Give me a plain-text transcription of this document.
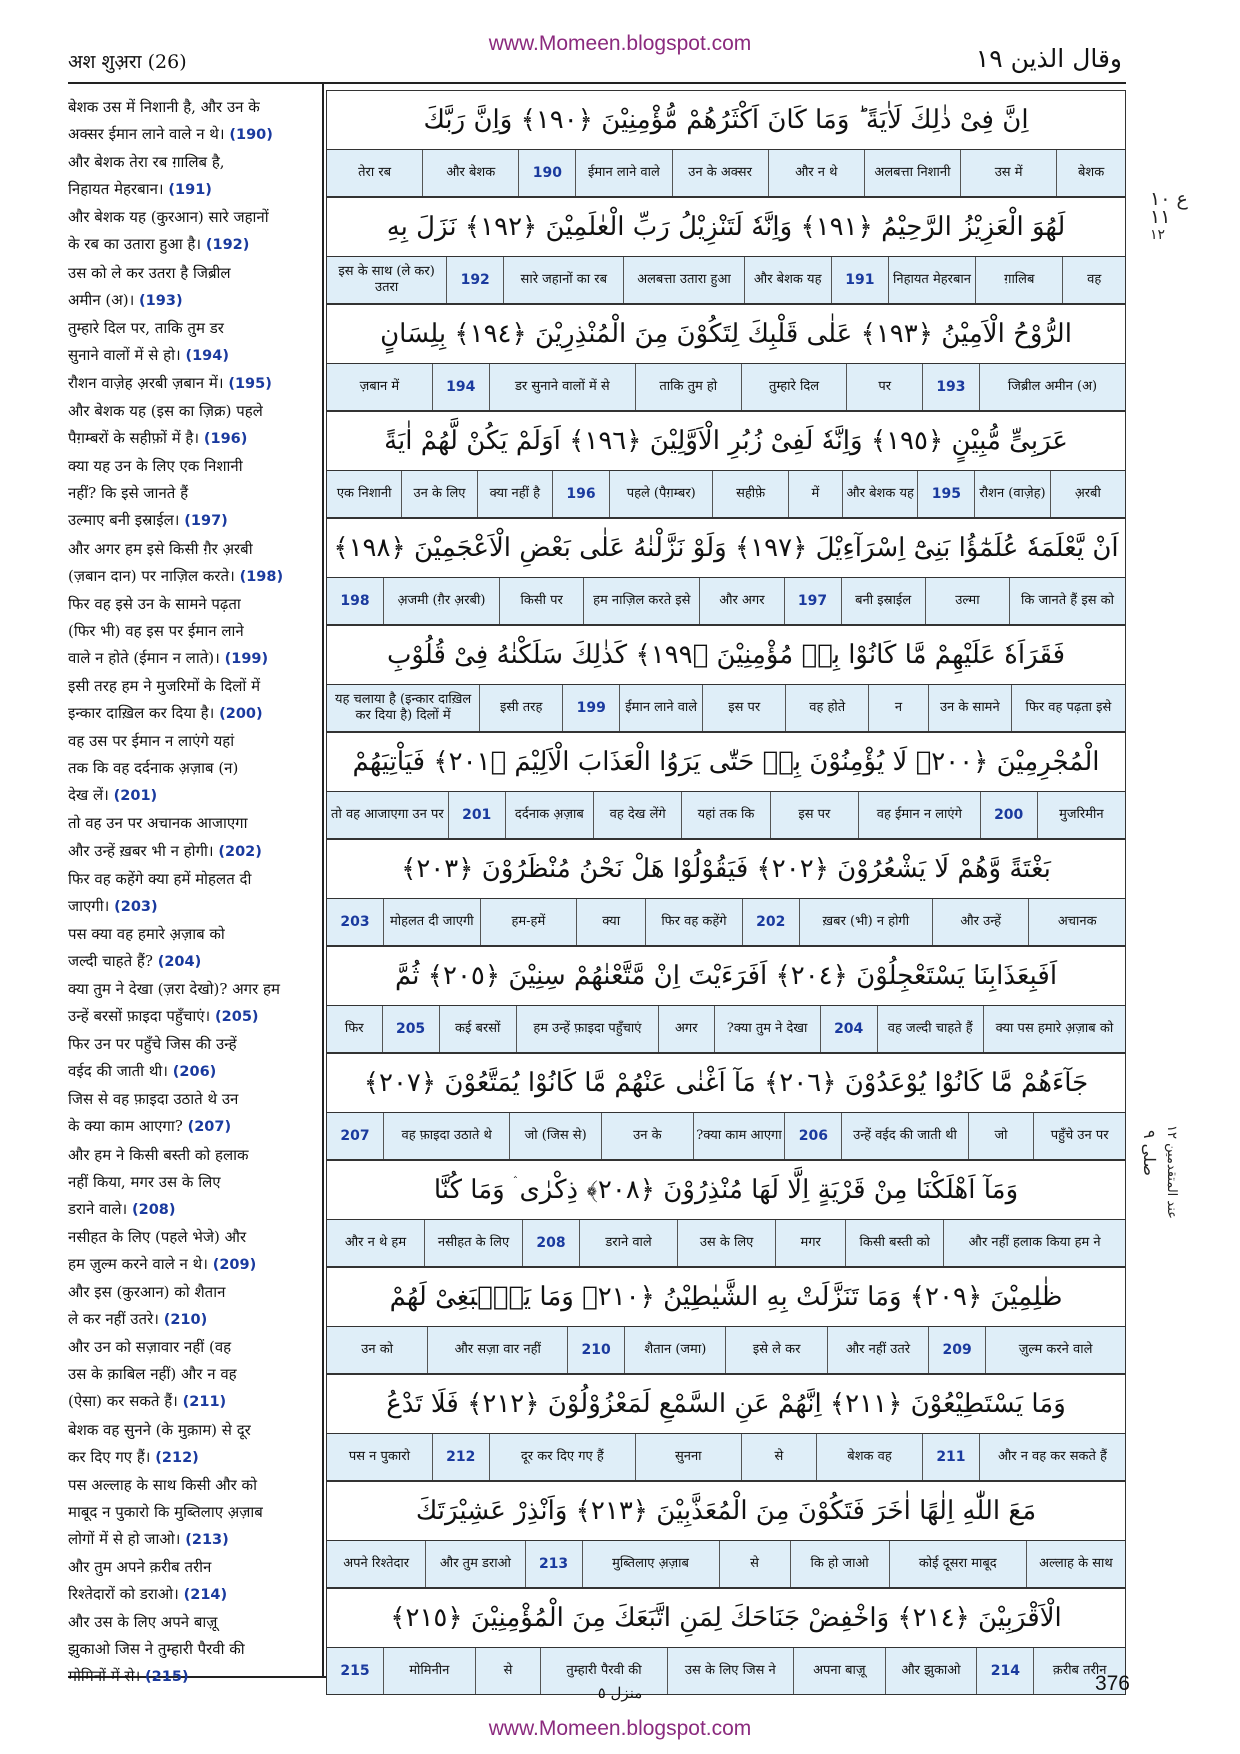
www.Momeen.blogspot.com
अश शुअ़रा (26)	وقال الذین ١٩
बेशक उस में निशानी है, और उन के
अक्सर ईमान लाने वाले न थे। (190)
और बेशक तेरा रब ग़ालिब है,
निहायत मेहरबान। (191)
और बेशक यह (कुरआन) सारे जहानों
के रब का उतारा हुआ है। (192)
उस को ले कर उतरा है जिब्रील
अमीन (अ)। (193)
तुम्हारे दिल पर, ताकि तुम डर
सुनाने वालों में से हो। (194)
रौशन वाज़ेह अ़रबी ज़बान में। (195)
और बेशक यह (इस का ज़िक्र) पहले
पैग़म्बरों के सहीफ़ों में है। (196)
क्या यह उन के लिए एक निशानी
नहीं? कि इसे जानते हैं
उल्माए बनी इस्राईल। (197)
और अगर हम इसे किसी ग़ैर अ़रबी
(ज़बान दान) पर नाज़िल करते। (198)
फिर वह इसे उन के सामने पढ़ता
(फिर भी) वह इस पर ईमान लाने
वाले न होते (ईमान न लाते)। (199)
इसी तरह हम ने मुजरिमों के दिलों में
इन्कार दाख़िल कर दिया है। (200)
वह उस पर ईमान न लाएंगे यहां
तक कि वह दर्दनाक अ़ज़ाब (न)
देख लें। (201)
तो वह उन पर अचानक आजाएगा
और उन्हें ख़बर भी न होगी। (202)
फिर वह कहेंगे क्या हमें मोहलत दी
जाएगी। (203)
पस क्या वह हमारे अ़ज़ाब को
जल्दी चाहते हैं? (204)
क्या तुम ने देखा (ज़रा देखो)? अगर हम
उन्हें बरसों फ़ाइदा पहुँचाएं। (205)
फिर उन पर पहुँचे जिस की उन्हें
वईद की जाती थी। (206)
जिस से वह फ़ाइदा उठाते थे उन
के क्या काम आएगा? (207)
और हम ने किसी बस्ती को हलाक
नहीं किया, मगर उस के लिए
डराने वाले। (208)
नसीहत के लिए (पहले भेजे) और
हम ज़ुल्म करने वाले न थे। (209)
और इस (कुरआन) को शैतान
ले कर नहीं उतरे। (210)
और उन को सज़ावार नहीं (वह
उस के क़ाबिल नहीं) और न वह
(ऐसा) कर सकते हैं। (211)
बेशक वह सुनने (के मुक़ाम) से दूर
कर दिए गए हैं। (212)
पस अल्लाह के साथ किसी और को
माबूद न पुकारो कि मुब्तिलाए अ़ज़ाब
लोगों में से हो जाओ। (213)
और तुम अपने क़रीब तरीन
रिश्तेदारों को डराओ। (214)
और उस के लिए अपने बाज़ू
झुकाओ जिस ने तुम्हारी पैरवी की
मोमिनों में से। (215)
اِنَّ فِیْ ذٰلِكَ لَاٰیَةً ؕ وَمَا كَانَ اَكْثَرُهُمْ مُّؤْمِنِیْنَ ﴿١٩٠﴾ وَاِنَّ رَبَّكَ
बेशक
उस में
अलबत्ता निशानी
और न थे
उन के अक्सर
ईमान लाने वाले
190
और बेशक
तेरा रब
لَهُوَ الْعَزِیْزُ الرَّحِیْمُ ﴿١٩١﴾ وَاِنَّهٗ لَتَنْزِیْلُ رَبِّ الْعٰلَمِیْنَ ﴿١٩٢﴾ نَزَلَ بِهِ
वह
ग़ालिब
निहायत मेहरबान
191
और बेशक यह
अलबत्ता उतारा हुआ
सारे जहानों का रब
192
इस के साथ (ले कर) उतरा
الرُّوْحُ الْاَمِیْنُ ﴿١٩٣﴾ عَلٰی قَلْبِكَ لِتَكُوْنَ مِنَ الْمُنْذِرِیْنَ ﴿١٩٤﴾ بِلِسَانٍ
जिब्रील अमीन (अ)
193
पर
तुम्हारे दिल
ताकि तुम हो
डर सुनाने वालों में से
194
ज़बान में
عَرَبِیٍّ مُّبِیْنٍ ﴿١٩٥﴾ وَاِنَّهٗ لَفِیْ زُبُرِ الْاَوَّلِیْنَ ﴿١٩٦﴾ اَوَلَمْ یَكُنْ لَّهُمْ اٰیَةً
अ़रबी
रौशन (वाज़ेह)
195
और बेशक यह
में
सहीफ़े
पहले (पैग़म्बर)
196
क्या नहीं है
उन के लिए
एक निशानी
اَنْ یَّعْلَمَهٗ عُلَمٰٓؤُا بَنِیْٓ اِسْرَآءِیْلَ ﴿١٩٧﴾ وَلَوْ نَزَّلْنٰهُ عَلٰی بَعْضِ الْاَعْجَمِیْنَ ﴿١٩٨﴾
कि जानते हैं इस को
उल्मा
बनी इस्राईल
197
और अगर
हम नाज़िल करते इसे
किसी पर
अ़जमी (ग़ैर अ़रबी)
198
فَقَرَاَهٗ عَلَیْهِمْ مَّا كَانُوْا بِهٖ مُؤْمِنِیْنَ ﴿١٩٩﴾ كَذٰلِكَ سَلَكْنٰهُ فِیْ قُلُوْبِ
फिर वह पढ़ता इसे
उन के सामने
न
वह होते
इस पर
ईमान लाने वाले
199
इसी तरह
यह चलाया है (इन्कार दाख़िल कर दिया है) दिलों में
الْمُجْرِمِیْنَ ﴿٢٠٠﴾ لَا یُؤْمِنُوْنَ بِهٖ حَتّٰی یَرَوُا الْعَذَابَ الْاَلِیْمَ ﴿٢٠١﴾ فَیَاْتِیَهُمْ
मुजरिमीन
200
वह ईमान न लाएंगे
इस पर
यहां तक कि
वह देख लेंगे
दर्दनाक अ़ज़ाब
201
तो वह आजाएगा उन पर
بَغْتَةً وَّهُمْ لَا یَشْعُرُوْنَ ﴿٢٠٢﴾ فَیَقُوْلُوْا هَلْ نَحْنُ مُنْظَرُوْنَ ﴿٢٠٣﴾
अचानक
और उन्हें
ख़बर (भी) न होगी
202
फिर वह कहेंगे
क्या
हम-हमें
मोहलत दी जाएगी
203
اَفَبِعَذَابِنَا یَسْتَعْجِلُوْنَ ﴿٢٠٤﴾ اَفَرَءَیْتَ اِنْ مَّتَّعْنٰهُمْ سِنِیْنَ ﴿٢٠٥﴾ ثُمَّ
क्या पस हमारे अ़ज़ाब को
वह जल्दी चाहते हैं
204
क्या तुम ने देखा?
अगर
हम उन्हें फ़ाइदा पहुँचाएं
कई बरसों
205
फिर
جَآءَهُمْ مَّا كَانُوْا یُوْعَدُوْنَ ﴿٢٠٦﴾ مَآ اَغْنٰی عَنْهُمْ مَّا كَانُوْا یُمَتَّعُوْنَ ﴿٢٠٧﴾
पहुँचे उन पर
जो
उन्हें वईद की जाती थी
206
क्या काम आएगा?
उन के
जो (जिस से)
वह फ़ाइदा उठाते थे
207
وَمَآ اَهْلَكْنَا مِنْ قَرْیَةٍ اِلَّا لَهَا مُنْذِرُوْنَ ﴿٢٠٨﴾ ذِكْرٰی ۛ وَمَا كُنَّا
और नहीं हलाक किया हम ने
किसी बस्ती को
मगर
उस के लिए
डराने वाले
208
नसीहत के लिए
और न थे हम
ظٰلِمِیْنَ ﴿٢٠٩﴾ وَمَا تَنَزَّلَتْ بِهِ الشَّیٰطِیْنُ ﴿٢١٠﴾ وَمَا یَنْۢبَغِیْ لَهُمْ
ज़ुल्म करने वाले
209
और नहीं उतरे
इसे ले कर
शैतान (जमा)
210
और सज़ा वार नहीं
उन को
وَمَا یَسْتَطِیْعُوْنَ ﴿٢١١﴾ اِنَّهُمْ عَنِ السَّمْعِ لَمَعْزُوْلُوْنَ ﴿٢١٢﴾ فَلَا تَدْعُ
और न वह कर सकते हैं
211
बेशक वह
से
सुनना
दूर कर दिए गए हैं
212
पस न पुकारो
مَعَ اللّٰهِ اِلٰهًا اٰخَرَ فَتَكُوْنَ مِنَ الْمُعَذَّبِیْنَ ﴿٢١٣﴾ وَاَنْذِرْ عَشِیْرَتَكَ
अल्लाह के साथ
कोई दूसरा माबूद
कि हो जाओ
से
मुब्तिलाए अ़ज़ाब
213
और तुम डराओ
अपने रिश्तेदार
الْاَقْرَبِیْنَ ﴿٢١٤﴾ وَاخْفِضْ جَنَاحَكَ لِمَنِ اتَّبَعَكَ مِنَ الْمُؤْمِنِیْنَ ﴿٢١٥﴾
क़रीब तरीन
214
और झुकाओ
अपना बाज़ू
उस के लिए जिस ने
तुम्हारी पैरवी की
से
मोमिनीन
215
ع ١٠
١١
١٢
صلى ٩
عند المتقدمين ١٢
منزل ٥	376
www.Momeen.blogspot.com
